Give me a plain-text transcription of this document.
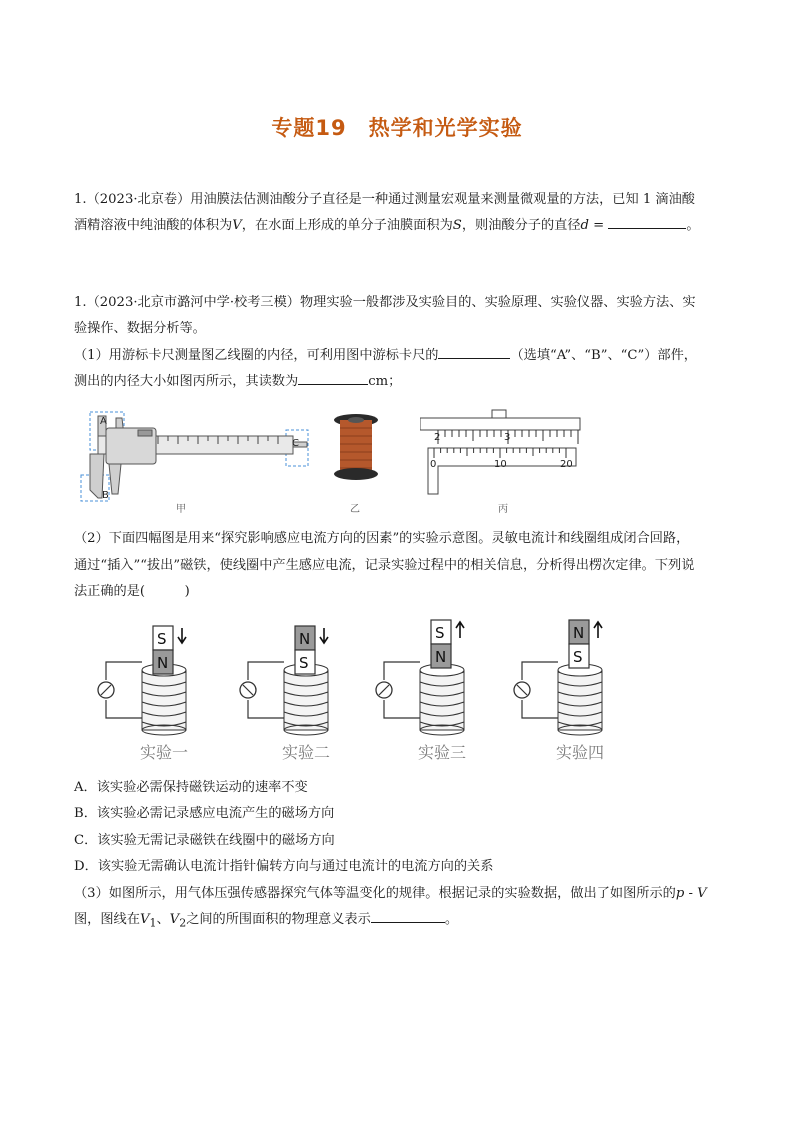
专题19　热学和光学实验

1.（2023·北京卷）用油膜法估测油酸分子直径是一种通过测量宏观量来测量微观量的方法，已知 1 滴油酸

酒精溶液中纯油酸的体积为V，在水面上形成的单分子油膜面积为S，则油酸分子的直径d =	。

1.（2023·北京市潞河中学·校考三模）物理实验一般都涉及实验目的、实验原理、实验仪器、实验方法、实

验操作、数据分析等。

（1）用游标卡尺测量图乙线圈的内径，可利用图中游标卡尺的	（选填“A”、“B”、“C”）部件，

测出的内径大小如图丙所示，其读数为	cm；

A
B
C
甲	乙
2	3
0	10	20
丙

（2）下面四幅图是用来“探究影响感应电流方向的因素”的实验示意图。灵敏电流计和线圈组成闭合回路，

通过“插入”“拔出”磁铁，使线圈中产生感应电流，记录实验过程中的相关信息，分析得出楞次定律。下列说

法正确的是(　　　)

S
N
实验一
N
S
实验二
S
N
实验三
N
S
实验四

A．该实验必需保持磁铁运动的速率不变

B．该实验必需记录感应电流产生的磁场方向

C．该实验无需记录磁铁在线圈中的磁场方向

D．该实验无需确认电流计指针偏转方向与通过电流计的电流方向的关系

（3）如图所示，用气体压强传感器探究气体等温变化的规律。根据记录的实验数据，做出了如图所示的p - V

图，图线在$V_1$、$V_2$之间的所围面积的物理意义表示	。
